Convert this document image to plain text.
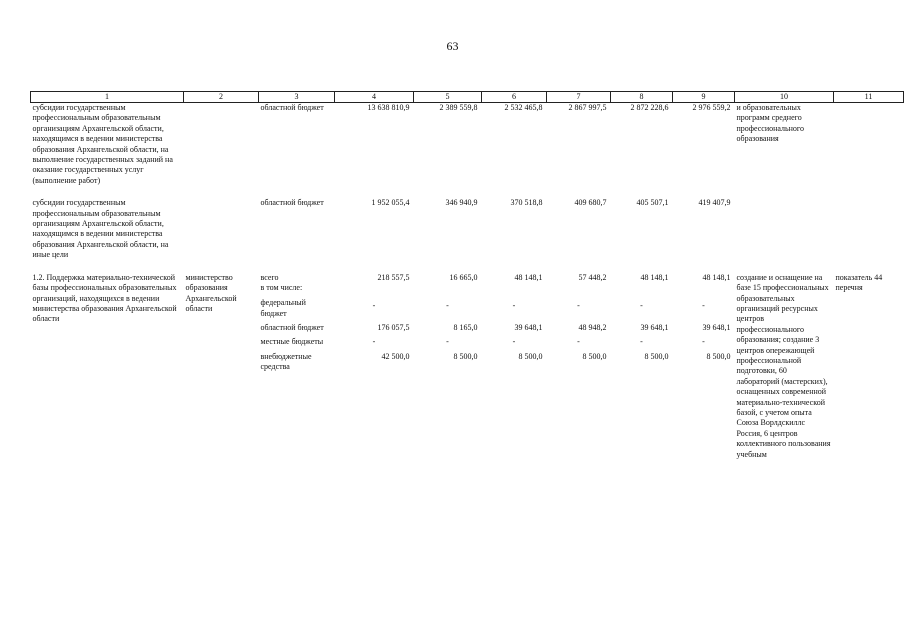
63
1	2	3	4	5	6	7	8	9	10	11
субсидии государственным профессиональным образовательным организациям Архангельской области, находящимся в ведении министерства образования Архангельской области, на выполнение государственных заданий на оказание государственных услуг (выполнение работ)		областной бюджет	13 638 810,9	2 389 559,8	2 532 465,8	2 867 997,5	2 872 228,6	2 976 559,2	и образовательных программ среднего профессионального образования	

субсидии государственным профессиональным образовательным организациям Архангельской области, находящимся в ведении министерства образования Архангельской области, на иные цели		областной бюджет	1 952 055,4	346 940,9	370 518,8	409 680,7	405 507,1	419 407,9		

1.2. Поддержка материально-технической базы профессиональных образовательных организаций, находящихся в ведении министерства образования Архангельской области	министерство образования Архангельской области	всего	218 557,5	16 665,0	48 148,1	57 448,2	48 148,1	48 148,1	создание и оснащение на базе 15 профессиональных образовательных организаций ресурсных центров профессионального образования; создание 3 центров опережающей профессиональной подготовки, 60 лабораторий (мастерских), оснащенных современной материально-технической базой, с учетом опыта Союза Ворлдскиллс Россия, 6 центров коллективного пользования учебным	показатель 44 перечня
		в том числе:								
		федеральный бюджет	-	-	-	-	-	-		
		областной бюджет	176 057,5	8 165,0	39 648,1	48 948,2	39 648,1	39 648,1		
		местные бюджеты	-	-	-	-	-	-		
		внебюджетные средства	42 500,0	8 500,0	8 500,0	8 500,0	8 500,0	8 500,0		
